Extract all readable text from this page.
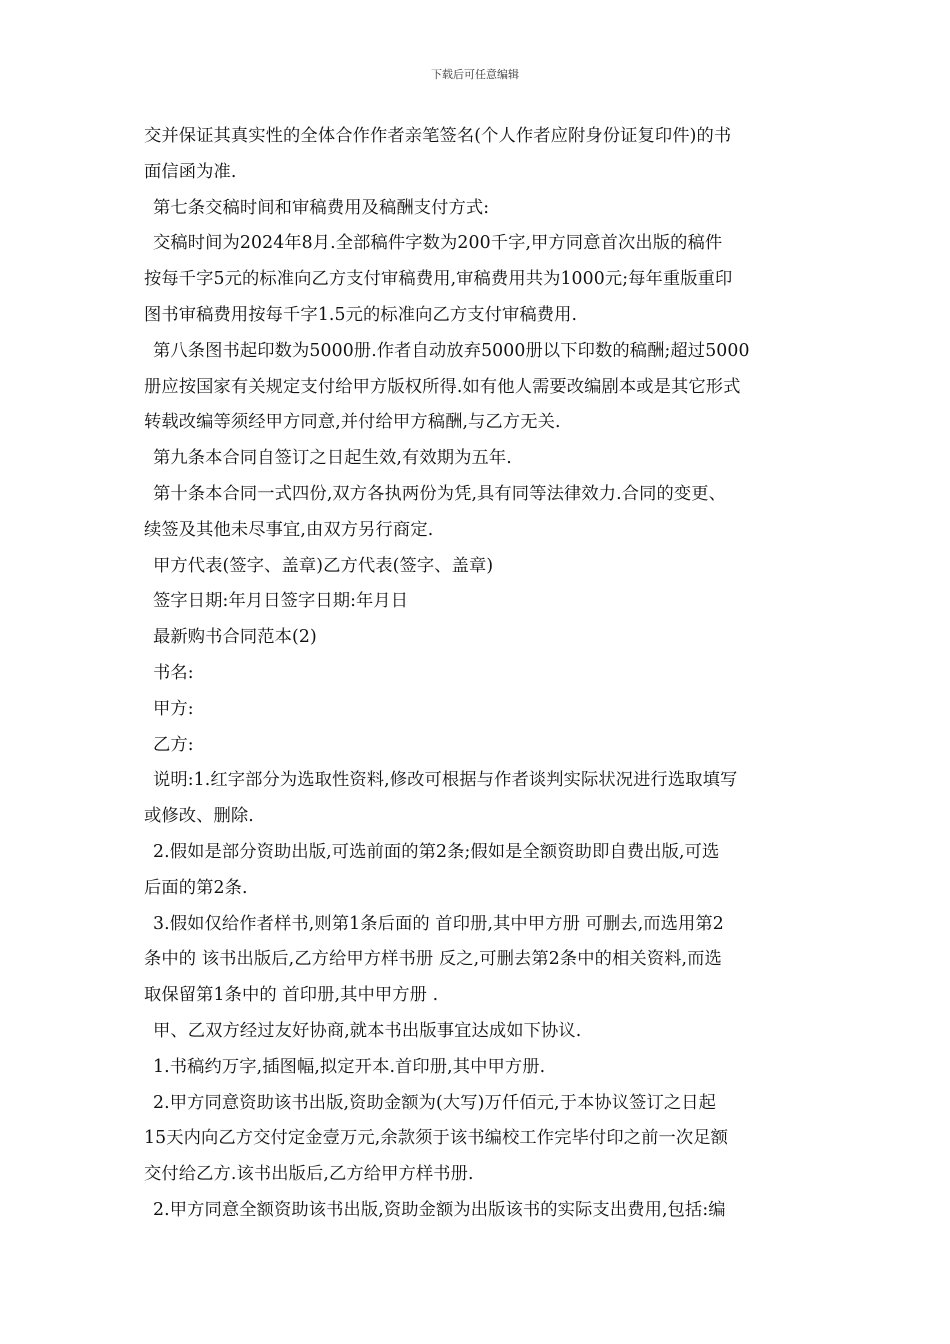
下载后可任意编辑
交并保证其真实性的全体合作作者亲笔签名(个人作者应附身份证复印件)的书
面信函为准.
第七条交稿时间和审稿费用及稿酬支付方式:
交稿时间为2024年8月.全部稿件字数为200千字,甲方同意首次出版的稿件
按每千字5元的标准向乙方支付审稿费用,审稿费用共为1000元;每年重版重印
图书审稿费用按每千字1.5元的标准向乙方支付审稿费用.
第八条图书起印数为5000册.作者自动放弃5000册以下印数的稿酬;超过5000
册应按国家有关规定支付给甲方版权所得.如有他人需要改编剧本或是其它形式
转载改编等须经甲方同意,并付给甲方稿酬,与乙方无关.
第九条本合同自签订之日起生效,有效期为五年.
第十条本合同一式四份,双方各执两份为凭,具有同等法律效力.合同的变更、
续签及其他未尽事宜,由双方另行商定.
甲方代表(签字、盖章)乙方代表(签字、盖章)
签字日期:年月日签字日期:年月日
最新购书合同范本(2)
书名:
甲方:
乙方:
说明:1.红字部分为选取性资料,修改可根据与作者谈判实际状况进行选取填写
或修改、删除.
2.假如是部分资助出版,可选前面的第2条;假如是全额资助即自费出版,可选
后面的第2条.
3.假如仅给作者样书,则第1条后面的 首印册,其中甲方册 可删去,而选用第2
条中的 该书出版后,乙方给甲方样书册 反之,可删去第2条中的相关资料,而选
取保留第1条中的 首印册,其中甲方册 .
甲、乙双方经过友好协商,就本书出版事宜达成如下协议.
1.书稿约万字,插图幅,拟定开本.首印册,其中甲方册.
2.甲方同意资助该书出版,资助金额为(大写)万仟佰元,于本协议签订之日起
15天内向乙方交付定金壹万元,余款须于该书编校工作完毕付印之前一次足额
交付给乙方.该书出版后,乙方给甲方样书册.
2.甲方同意全额资助该书出版,资助金额为出版该书的实际支出费用,包括:编
